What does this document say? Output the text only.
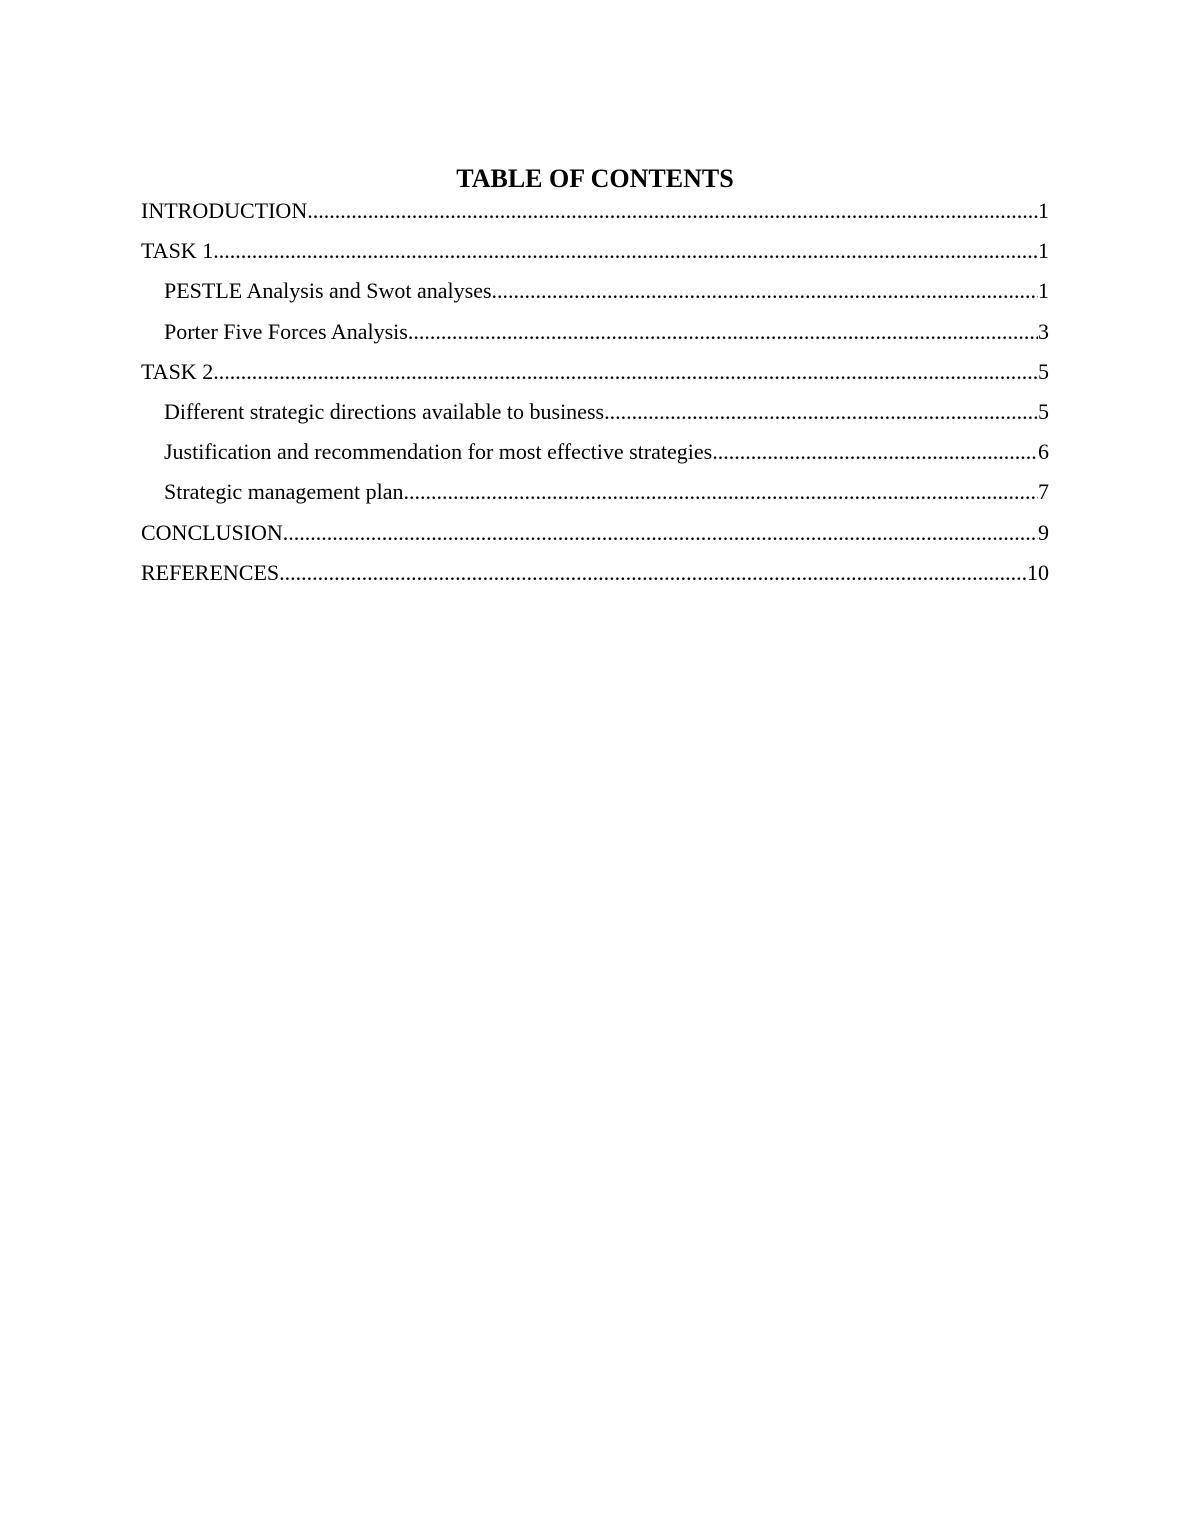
TABLE OF CONTENTS
INTRODUCTION .....	1
TASK 1 .....	1
PESTLE Analysis and Swot analyses .....	1
Porter Five Forces Analysis .....	3
TASK 2 .....	5
Different strategic directions available to business .....	5
Justification and recommendation for most effective strategies .....	6
Strategic management plan .....	7
CONCLUSION .....	9
REFERENCES .....	10
